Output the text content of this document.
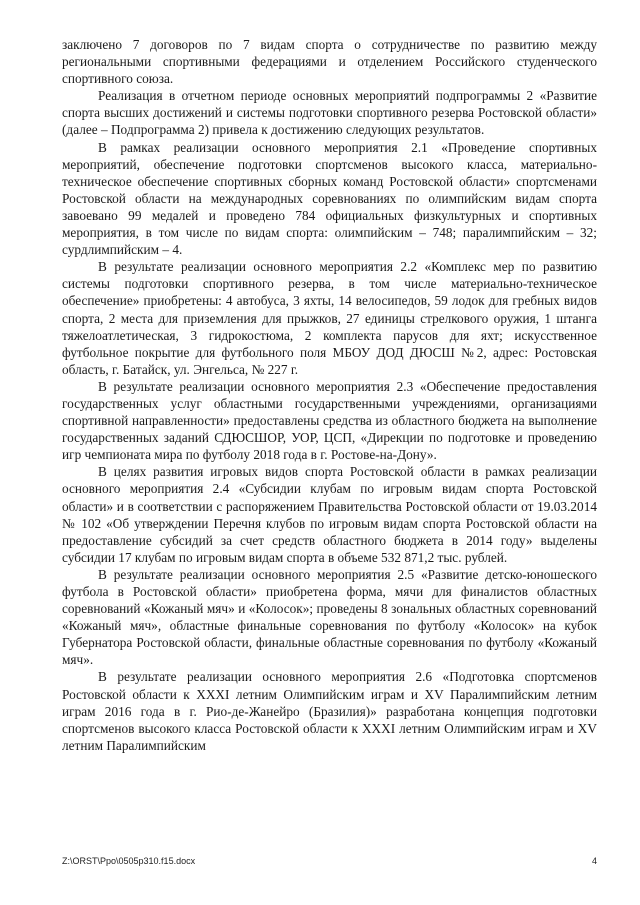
заключено 7 договоров по 7 видам спорта о сотрудничестве по развитию между региональными спортивными федерациями и отделением Российского студенческого спортивного союза.

Реализация в отчетном периоде основных мероприятий подпрограммы 2 «Развитие спорта высших достижений и системы подготовки спортивного резерва Ростовской области» (далее – Подпрограмма 2) привела к достижению следующих результатов.

В рамках реализации основного мероприятия 2.1 «Проведение спортивных мероприятий, обеспечение подготовки спортсменов высокого класса, материально-техническое обеспечение спортивных сборных команд Ростовской области» спортсменами Ростовской области на международных соревнованиях по олимпийским видам спорта завоевано 99 медалей и проведено 784 официальных физкультурных и спортивных мероприятия, в том числе по видам спорта: олимпийским – 748; паралимпийским – 32; сурдлимпийским – 4.

В результате реализации основного мероприятия 2.2 «Комплекс мер по развитию системы подготовки спортивного резерва, в том числе материально-техническое обеспечение» приобретены: 4 автобуса, 3 яхты, 14 велосипедов, 59 лодок для гребных видов спорта, 2 места для приземления для прыжков, 27 единицы стрелкового оружия, 1 штанга тяжелоатлетическая, 3 гидрокостюма, 2 комплекта парусов для яхт; искусственное футбольное покрытие для футбольного поля МБОУ ДОД ДЮСШ №2, адрес: Ростовская область, г. Батайск, ул. Энгельса, № 227 г.

В результате реализации основного мероприятия 2.3 «Обеспечение предоставления государственных услуг областными государственными учреждениями, организациями спортивной направленности» предоставлены средства из областного бюджета на выполнение государственных заданий СДЮСШОР, УОР, ЦСП, «Дирекции по подготовке и проведению игр чемпионата мира по футболу 2018 года в г. Ростове-на-Дону».

В целях развития игровых видов спорта Ростовской области в рамках реализации основного мероприятия 2.4 «Субсидии клубам по игровым видам спорта Ростовской области» и в соответствии с распоряжением Правительства Ростовской области от 19.03.2014 № 102 «Об утверждении Перечня клубов по игровым видам спорта Ростовской области на предоставление субсидий за счет средств областного бюджета в 2014 году» выделены субсидии 17 клубам по игровым видам спорта в объеме 532 871,2 тыс. рублей.

В результате реализации основного мероприятия 2.5 «Развитие детско-юношеского футбола в Ростовской области» приобретена форма, мячи для финалистов областных соревнований «Кожаный мяч» и «Колосок»; проведены 8 зональных областных соревнований «Кожаный мяч», областные финальные соревнования по футболу «Колосок» на кубок Губернатора Ростовской области, финальные областные соревнования по футболу «Кожаный мяч».

В результате реализации основного мероприятия 2.6 «Подготовка спортсменов Ростовской области к XXXI летним Олимпийским играм и XV Паралимпийским летним играм 2016 года в г. Рио-де-Жанейро (Бразилия)» разработана концепция подготовки спортсменов высокого класса Ростовской области к XXXI летним Олимпийским играм и XV летним Паралимпийским

Z:\ORST\Ppo\0505p310.f15.docx	4
